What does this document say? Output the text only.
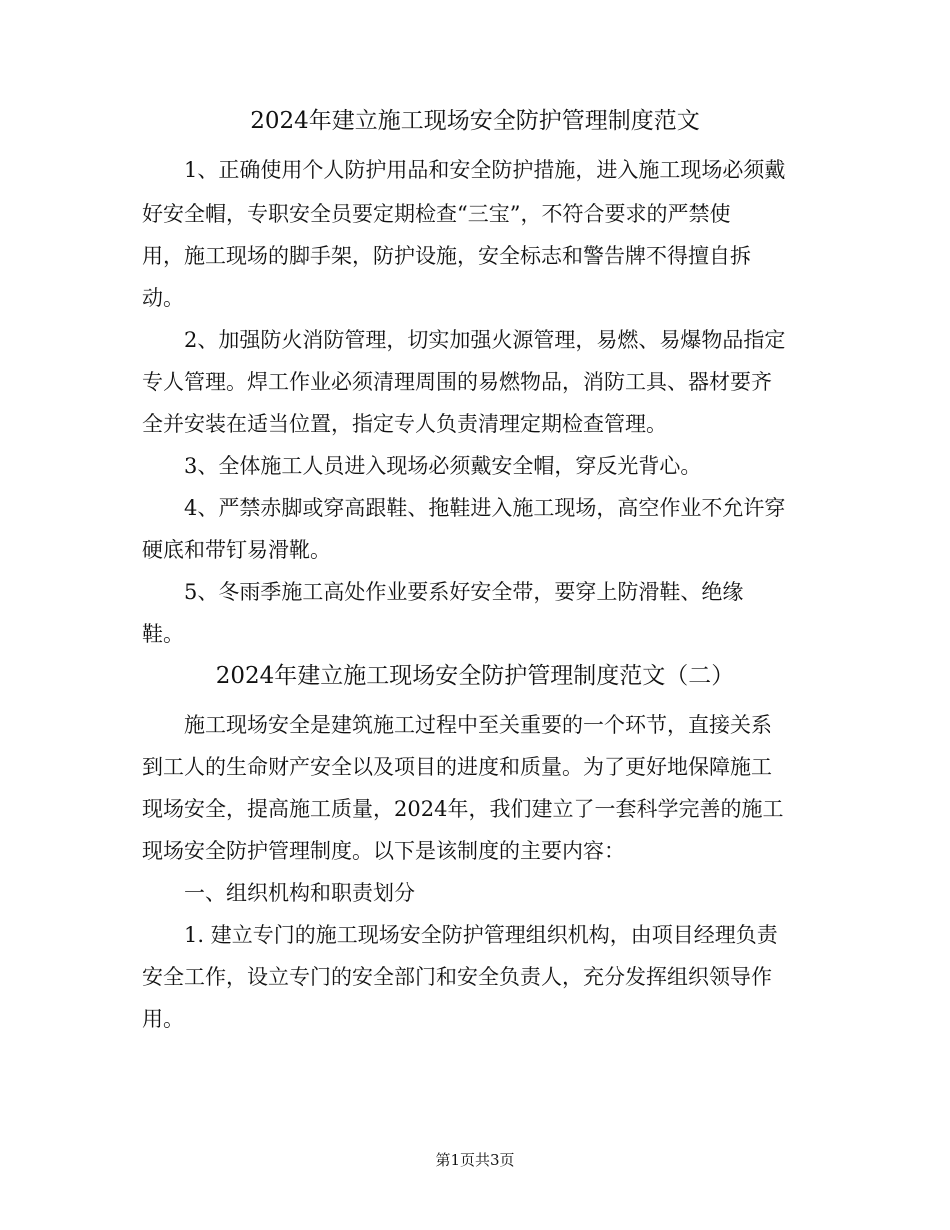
2024年建立施工现场安全防护管理制度范文

1、正确使用个人防护用品和安全防护措施，进入施工现场必须戴

好安全帽，专职安全员要定期检查“三宝”，不符合要求的严禁使

用，施工现场的脚手架，防护设施，安全标志和警告牌不得擅自拆

动。

2、加强防火消防管理，切实加强火源管理，易燃、易爆物品指定

专人管理。焊工作业必须清理周围的易燃物品，消防工具、器材要齐

全并安装在适当位置，指定专人负责清理定期检查管理。

3、全体施工人员进入现场必须戴安全帽，穿反光背心。

4、严禁赤脚或穿高跟鞋、拖鞋进入施工现场，高空作业不允许穿

硬底和带钉易滑靴。

5、冬雨季施工高处作业要系好安全带，要穿上防滑鞋、绝缘

鞋。

2024年建立施工现场安全防护管理制度范文（二）

施工现场安全是建筑施工过程中至关重要的一个环节，直接关系

到工人的生命财产安全以及项目的进度和质量。为了更好地保障施工

现场安全，提高施工质量，2024年，我们建立了一套科学完善的施工

现场安全防护管理制度。以下是该制度的主要内容：

一、组织机构和职责划分

1. 建立专门的施工现场安全防护管理组织机构，由项目经理负责

安全工作，设立专门的安全部门和安全负责人，充分发挥组织领导作

用。

第1页共3页
